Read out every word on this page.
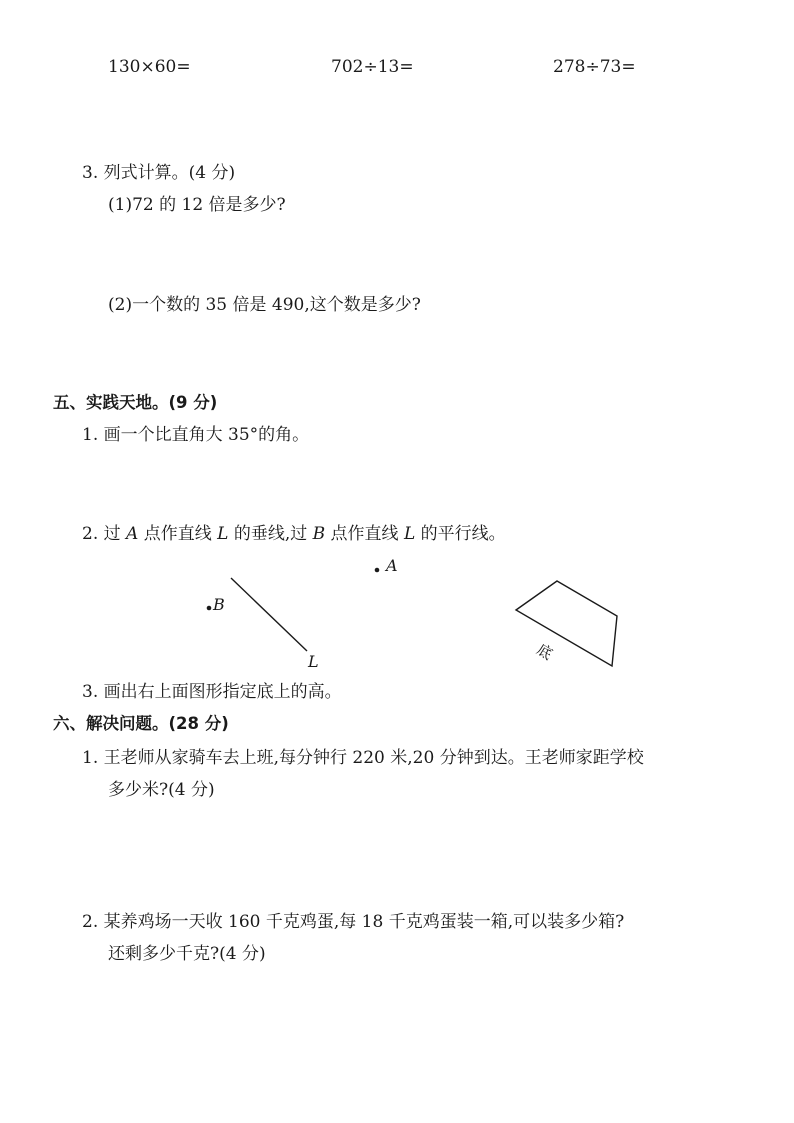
130×60=	702÷13=	278÷73=
3. 列式计算。(4 分)
(1)72 的 12 倍是多少?
(2)一个数的 35 倍是 490,这个数是多少?
五、实践天地。(9 分)
1. 画一个比直角大 35°的角。
2. 过 A 点作直线 L 的垂线,过 B 点作直线 L 的平行线。
A
B
L	底
3. 画出右上面图形指定底上的高。
六、解决问题。(28 分)
1. 王老师从家骑车去上班,每分钟行 220 米,20 分钟到达。王老师家距学校
多少米?(4 分)
2. 某养鸡场一天收 160 千克鸡蛋,每 18 千克鸡蛋装一箱,可以装多少箱?
还剩多少千克?(4 分)
